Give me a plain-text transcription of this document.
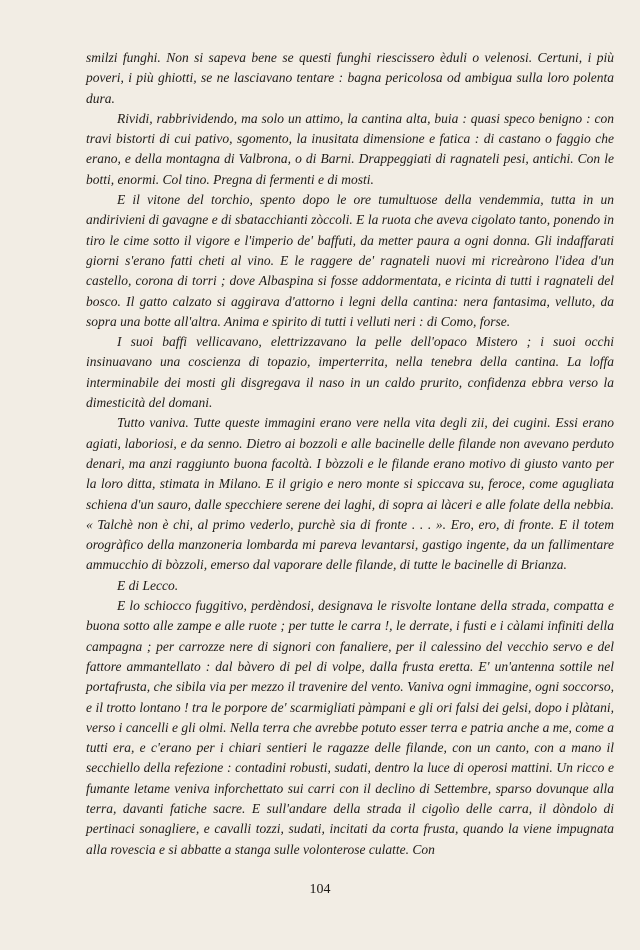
smilzi funghi. Non si sapeva bene se questi funghi riescissero èduli o velenosi. Certuni, i più poveri, i più ghiotti, se ne lasciavano tentare : bagna pericolosa od ambigua sulla loro polenta dura.

Rividi, rabbrividendo, ma solo un attimo, la cantina alta, buia : quasi speco benigno : con travi bistorti di cui pativo, sgomento, la inusitata dimensione e fatica : di castano o faggio che erano, e della montagna di Valbrona, o di Barni. Drappeggiati di ragnateli pesi, antichi. Con le botti, enormi. Col tino. Pregna di fermenti e di mosti.

E il vitone del torchio, spento dopo le ore tumultuose della vendemmia, tutta in un andirivieni di gavagne e di sbatacchianti zòccoli. E la ruota che aveva cigolato tanto, ponendo in tiro le cime sotto il vigore e l'imperio de' baffuti, da metter paura a ogni donna. Gli indaffarati giorni s'erano fatti cheti al vino. E le raggere de' ragnateli nuovi mi ricreàrono l'idea d'un castello, corona di torri ; dove Albaspina si fosse addormentata, e ricinta di tutti i ragnateli del bosco. Il gatto calzato si aggirava d'attorno i legni della cantina: nera fantasima, velluto, da sopra una botte all'altra. Anima e spirito di tutti i velluti neri : di Como, forse.

I suoi baffi vellicavano, elettrizzavano la pelle dell'opaco Mistero ; i suoi occhi insinuavano una coscienza di topazio, imperterrita, nella tenebra della cantina. La loffa interminabile dei mosti gli disgregava il naso in un caldo prurito, confidenza ebbra verso la dimesticità del domani.

Tutto vaniva. Tutte queste immagini erano vere nella vita degli zii, dei cugini. Essi erano agiati, laboriosi, e da senno. Dietro ai bozzoli e alle bacinelle delle filande non avevano perduto denari, ma anzi raggiunto buona facoltà. I bòzzoli e le filande erano motivo di giusto vanto per la loro ditta, stimata in Milano. E il grigio e nero monte si spiccava su, feroce, come agugliata schiena d'un sauro, dalle specchiere serene dei laghi, di sopra ai làceri e alle folate della nebbia. « Talchè non è chi, al primo vederlo, purchè sia di fronte . . . ». Ero, ero, di fronte. E il totem orogràfico della manzoneria lombarda mi pareva levantarsi, gastigo ingente, da un fallimentare ammucchio di bòzzoli, emerso dal vaporare delle filande, di tutte le bacinelle di Brianza.

E di Lecco.

E lo schiocco fuggitivo, perdèndosi, designava le risvolte lontane della strada, compatta e buona sotto alle zampe e alle ruote ; per tutte le carra !, le derrate, i fusti e i càlami infiniti della campagna ; per carrozze nere di signori con fanaliere, per il calessino del vecchio servo e del fattore ammantellato : dal bàvero di pel di volpe, dalla frusta eretta. E' un'antenna sottile nel portafrusta, che sibila via per mezzo il travenire del vento. Vaniva ogni immagine, ogni soccorso, e il trotto lontano ! tra le porpore de' scarmigliati pàmpani e gli ori falsi dei gelsi, dopo i plàtani, verso i cancelli e gli olmi. Nella terra che avrebbe potuto esser terra e patria anche a me, come a tutti era, e c'erano per i chiari sentieri le ragazze delle filande, con un canto, con a mano il secchiello della refezione : contadini robusti, sudati, dentro la luce di operosi mattini. Un ricco e fumante letame veniva inforchettato sui carri con il declino di Settembre, sparso dovunque alla terra, davanti fatiche sacre. E sull'andare della strada il cigolìo delle carra, il dòndolo di pertinaci sonagliere, e cavalli tozzi, sudati, incitati da corta frusta, quando la viene impugnata alla rovescia e si abbatte a stanga sulle volonterose culatte. Con

104
